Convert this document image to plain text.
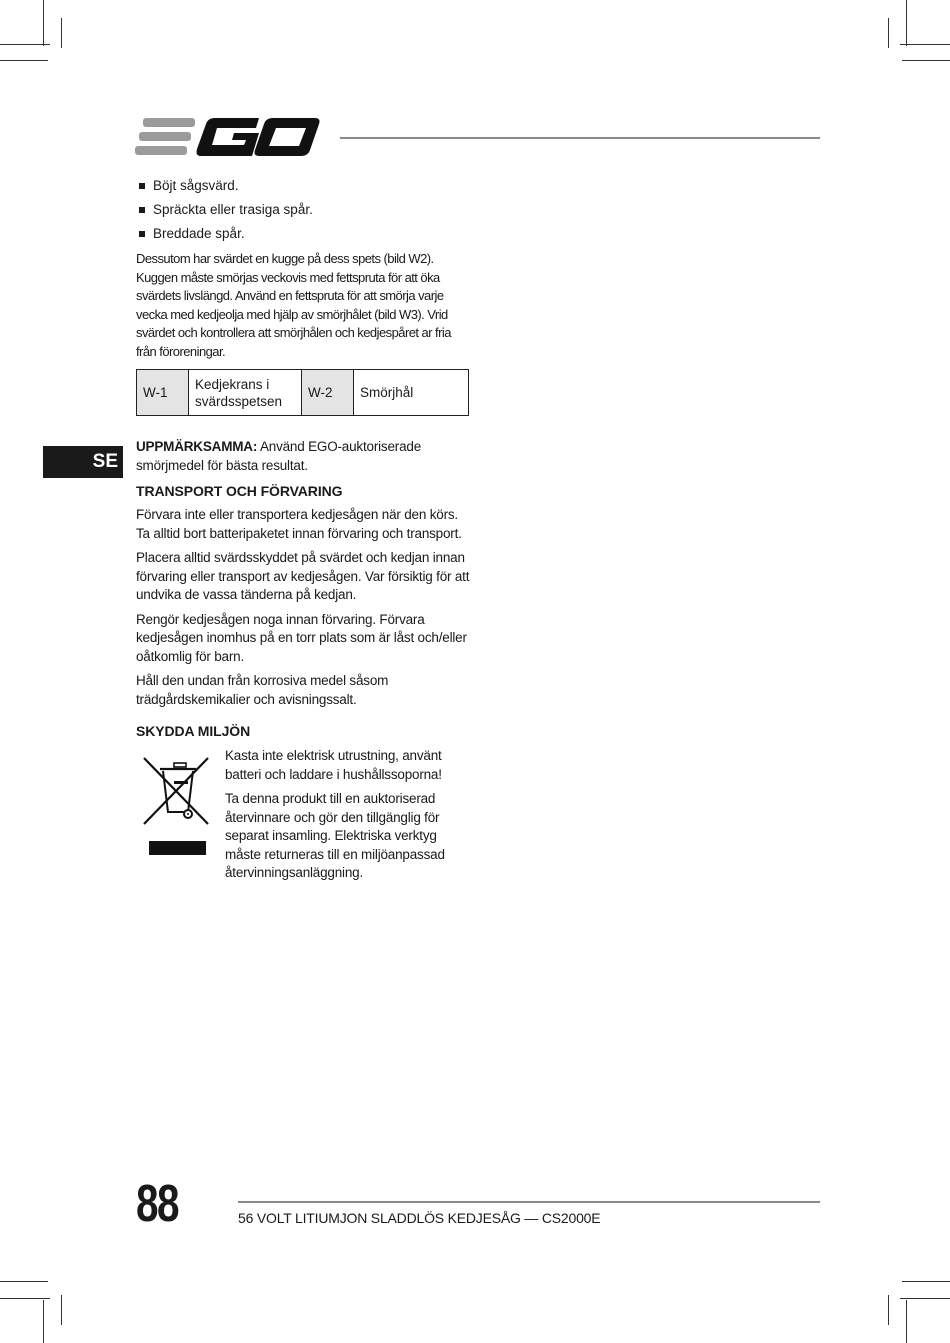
Böjt sågsvärd.
Spräckta eller trasiga spår.
Breddade spår.

Dessutom har svärdet en kugge på dess spets (bild W2). Kuggen måste smörjas veckovis med fettspruta för att öka svärdets livslängd. Använd en fettspruta för att smörja varje vecka med kedjeolja med hjälp av smörjhålet (bild W3). Vrid svärdet och kontrollera att smörjhålen och kedjespåret ar fria från föroreningar.

W-1	Kedjekrans i svärdsspetsen	W-2	Smörjhål
SE

UPPMÄRKSAMMA: Använd EGO-auktoriserade smörjmedel för bästa resultat.

TRANSPORT OCH FÖRVARING

Förvara inte eller transportera kedjesågen när den körs. Ta alltid bort batteripaketet innan förvaring och transport.

Placera alltid svärdsskyddet på svärdet och kedjan innan förvaring eller transport av kedjesågen. Var försiktig för att undvika de vassa tänderna på kedjan.

Rengör kedjesågen noga innan förvaring. Förvara kedjesågen inomhus på en torr plats som är låst och/eller oåtkomlig för barn.

Håll den undan från korrosiva medel såsom trädgårdskemikalier och avisningssalt.

SKYDDA MILJÖN

Kasta inte elektrisk utrustning, använt batteri och laddare i hushållssoporna!

Ta denna produkt till en auktoriserad återvinnare och gör den tillgänglig för separat insamling. Elektriska verktyg måste returneras till en miljöanpassad återvinningsanläggning.

88	56 VOLT LITIUMJON SLADDLÖS KEDJESÅG — CS2000E
